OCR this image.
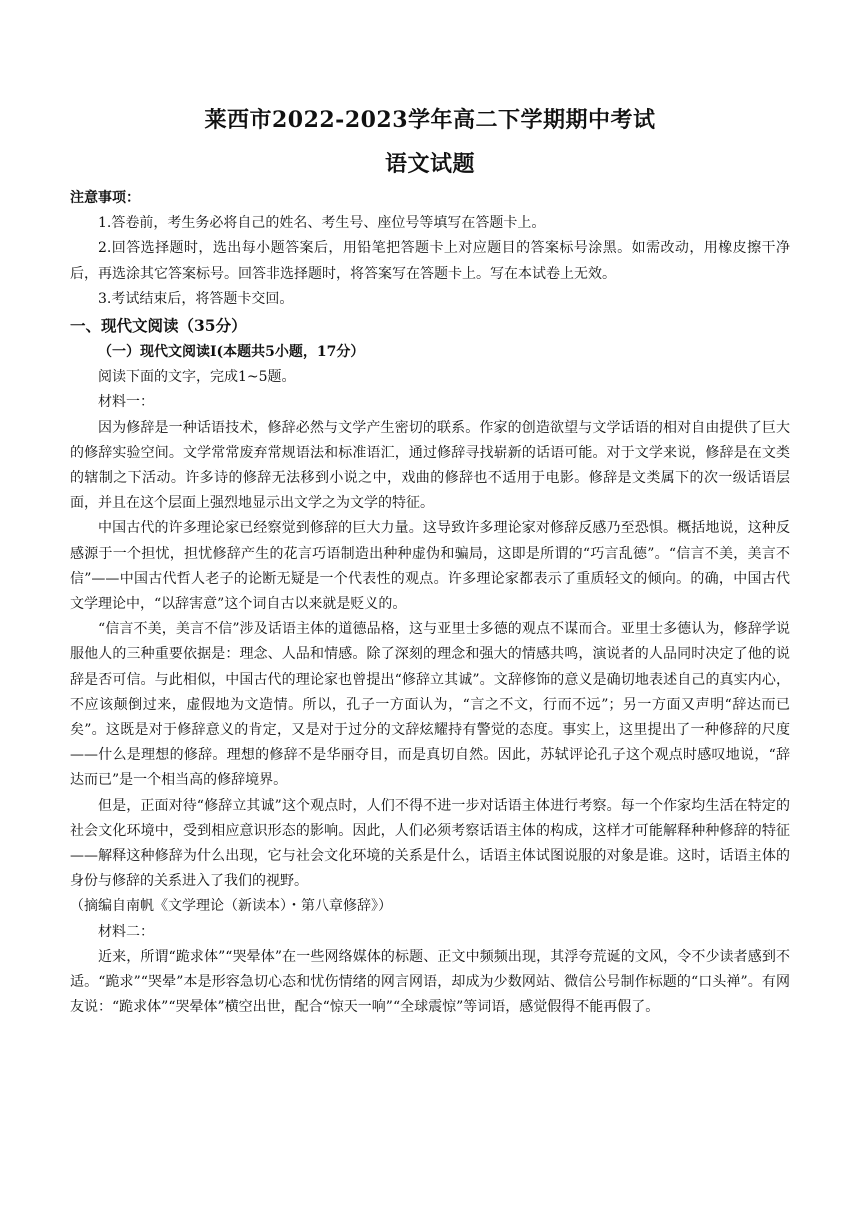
莱西市2022-2023学年高二下学期期中考试
语文试题

注意事项：

1.答卷前，考生务必将自己的姓名、考生号、座位号等填写在答题卡上。

2.回答选择题时，选出每小题答案后，用铅笔把答题卡上对应题目的答案标号涂黑。如需改动，用橡皮擦干净后，再选涂其它答案标号。回答非选择题时，将答案写在答题卡上。写在本试卷上无效。

3.考试结束后，将答题卡交回。

一、现代文阅读（35分）

（一）现代文阅读Ⅰ(本题共5小题，17分）

阅读下面的文字，完成1~5题。

材料一：

因为修辞是一种话语技术，修辞必然与文学产生密切的联系。作家的创造欲望与文学话语的相对自由提供了巨大的修辞实验空间。文学常常废弃常规语法和标准语汇，通过修辞寻找崭新的话语可能。对于文学来说，修辞是在文类的辖制之下活动。许多诗的修辞无法移到小说之中，戏曲的修辞也不适用于电影。修辞是文类属下的次一级话语层面，并且在这个层面上强烈地显示出文学之为文学的特征。

中国古代的许多理论家已经察觉到修辞的巨大力量。这导致许多理论家对修辞反感乃至恐惧。概括地说，这种反感源于一个担忧，担忧修辞产生的花言巧语制造出种种虚伪和骗局，这即是所谓的“巧言乱德”。“信言不美，美言不信”——中国古代哲人老子的论断无疑是一个代表性的观点。许多理论家都表示了重质轻文的倾向。的确，中国古代文学理论中，“以辞害意”这个词自古以来就是贬义的。

“信言不美，美言不信”涉及话语主体的道德品格，这与亚里士多德的观点不谋而合。亚里士多德认为，修辞学说服他人的三种重要依据是：理念、人品和情感。除了深刻的理念和强大的情感共鸣，演说者的人品同时决定了他的说辞是否可信。与此相似，中国古代的理论家也曾提出“修辞立其诚”。文辞修饰的意义是确切地表述自己的真实内心，不应该颠倒过来，虚假地为文造情。所以，孔子一方面认为，“言之不文，行而不远”；另一方面又声明“辞达而已矣”。这既是对于修辞意义的肯定，又是对于过分的文辞炫耀持有警觉的态度。事实上，这里提出了一种修辞的尺度——什么是理想的修辞。理想的修辞不是华丽夺目，而是真切自然。因此，苏轼评论孔子这个观点时感叹地说，“辞达而已”是一个相当高的修辞境界。

但是，正面对待“修辞立其诚”这个观点时，人们不得不进一步对话语主体进行考察。每一个作家均生活在特定的社会文化环境中，受到相应意识形态的影响。因此，人们必须考察话语主体的构成，这样才可能解释种种修辞的特征——解释这种修辞为什么出现，它与社会文化环境的关系是什么，话语主体试图说服的对象是谁。这时，话语主体的身份与修辞的关系进入了我们的视野。

（摘编自南帆《文学理论（新读本）・第八章修辞》）

材料二：

近来，所谓“跪求体”“哭晕体”在一些网络媒体的标题、正文中频频出现，其浮夸荒诞的文风，令不少读者感到不适。“跪求”“哭晕”本是形容急切心态和忧伤情绪的网言网语，却成为少数网站、微信公号制作标题的“口头禅”。有网友说：“跪求体”“哭晕体”横空出世，配合“惊天一响”“全球震惊”等词语，感觉假得不能再假了。
